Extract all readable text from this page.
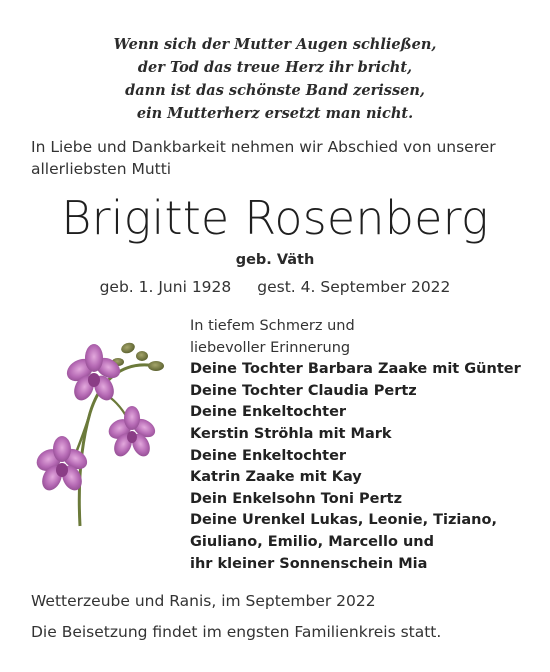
Wenn sich der Mutter Augen schließen,
der Tod das treue Herz ihr bricht,
dann ist das schönste Band zerissen,
ein Mutterherz ersetzt man nicht.
In Liebe und Dankbarkeit nehmen wir Abschied von unserer allerliebsten Mutti
Brigitte Rosenberg
geb. Väth
geb. 1. Juni 1928 gest. 4. September 2022
In tiefem Schmerz und
liebevoller Erinnerung
Deine Tochter Barbara Zaake mit Günter
Deine Tochter Claudia Pertz
Deine Enkeltochter
Kerstin Ströhla mit Mark
Deine Enkeltochter
Katrin Zaake mit Kay
Dein Enkelsohn Toni Pertz
Deine Urenkel Lukas, Leonie, Tiziano,
Giuliano, Emilio, Marcello und
ihr kleiner Sonnenschein Mia
Wetterzeube und Ranis, im September 2022
Die Beisetzung findet im engsten Familienkreis statt.
